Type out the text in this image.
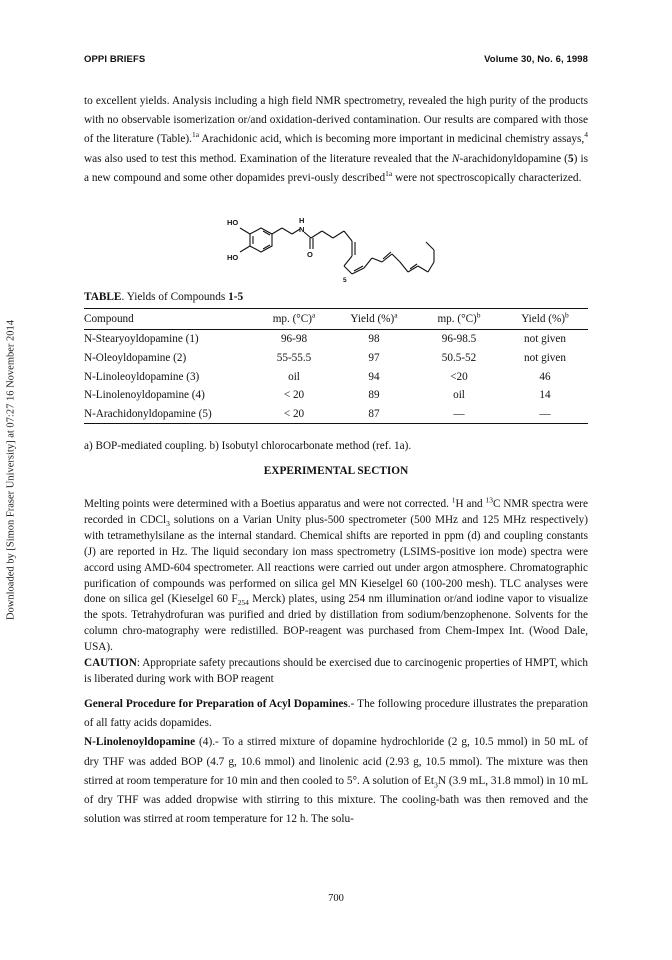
Downloaded by [Simon Fraser University] at 07:27 16 November 2014
OPPI BRIEFS	Volume 30, No. 6, 1998

to excellent yields. Analysis including a high field NMR spectrometry, revealed the high purity of the products with no observable isomerization or/and oxidation-derived contamination. Our results are compared with those of the literature (Table).$^{1a}$ Arachidonic acid, which is becoming more important in medicinal chemistry assays,$^4$ was also used to test this method. Examination of the literature revealed that the N-arachidonyldopamine (5) is a new compound and some other dopamides previ-ously described$^{1a}$ were not spectroscopically characterized.

HO
HO
H
N
O
5
TABLE. Yields of Compounds 1-5
Compound	mp. $(^\circ C)^a$	Yield (%)$^a$	mp. $(^\circ C)^b$	Yield (%)$^b$
N-Stearyoyldopamine (1)	96-98	98	96-98.5	not given
N-Oleoyldopamine (2)	55-55.5	97	50.5-52	not given
N-Linoleoyldopamine (3)	oil	94	<20	46
N-Linolenoyldopamine (4)	< 20	89	oil	14
N-Arachidonyldopamine (5)	< 20	87	—	—
a) BOP-mediated coupling. b) Isobutyl chlorocarbonate method (ref. 1a).
EXPERIMENTAL SECTION

Melting points were determined with a Boetius apparatus and were not corrected. $^1$H and $^{13}$C NMR spectra were recorded in CDCl$_3$ solutions on a Varian Unity plus-500 spectrometer (500 MHz and 125 MHz respectively) with tetramethylsilane as the internal standard. Chemical shifts are reported in ppm (d) and coupling constants (J) are reported in Hz. The liquid secondary ion mass spectrometry (LSIMS-positive ion mode) spectra were accord using AMD-604 spectrometer. All reactions were carried out under argon atmosphere. Chromatographic purification of compounds was performed on silica gel MN Kieselgel 60 (100-200 mesh). TLC analyses were done on silica gel (Kieselgel 60 $F_{254}$ Merck) plates, using 254 nm illumination or/and iodine vapor to visualize the spots. Tetrahydrofuran was purified and dried by distillation from sodium/benzophenone. Solvents for the column chro-matography were redistilled. BOP-reagent was purchased from Chem-Impex Int. (Wood Dale, USA).
CAUTION: Appropriate safety precautions should be exercised due to carcinogenic properties of HMPT, which is liberated during work with BOP reagent

General Procedure for Preparation of Acyl Dopamines.- The following procedure illustrates the preparation of all fatty acids dopamides.
N-Linolenoyldopamine (4).- To a stirred mixture of dopamine hydrochloride (2 g, 10.5 mmol) in 50 mL of dry THF was added BOP (4.7 g, 10.6 mmol) and linolenic acid (2.93 g, 10.5 mmol). The mixture was then stirred at room temperature for 10 min and then cooled to 5°. A solution of $Et_3N$ (3.9 mL, 31.8 mmol) in 10 mL of dry THF was added dropwise with stirring to this mixture. The cooling-bath was then removed and the solution was stirred at room temperature for 12 h. The solu-

700
